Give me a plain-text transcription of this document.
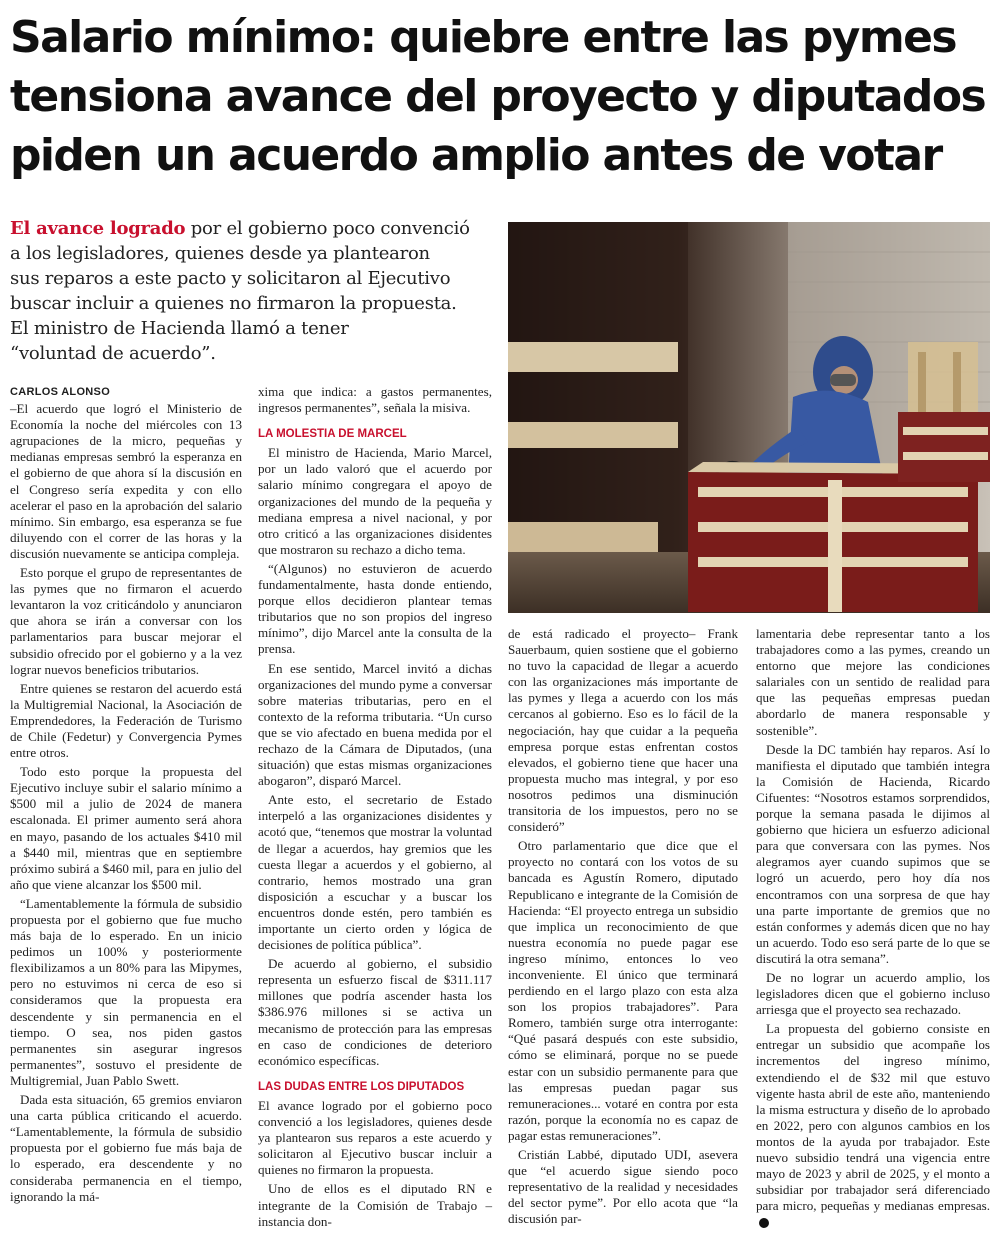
Salario mínimo: quiebre entre las pymes
tensiona avance del proyecto y diputados
piden un acuerdo amplio antes de votar
El avance logrado por el gobierno poco convenció
a los legisladores, quienes desde ya plantearon
sus reparos a este pacto y solicitaron al Ejecutivo
buscar incluir a quienes no firmaron la propuesta.
El ministro de Hacienda llamó a tener
“voluntad de acuerdo”.
CARLOS ALONSO

–El acuerdo que logró el Ministerio de Economía la noche del miércoles con 13 agrupaciones de la micro, pequeñas y medianas empresas sembró la esperanza en el gobierno de que ahora sí la discusión en el Congreso sería expedita y con ello acelerar el paso en la aprobación del salario mínimo. Sin embargo, esa esperanza se fue diluyendo con el correr de las horas y la discusión nuevamente se anticipa compleja.

Esto porque el grupo de representantes de las pymes que no firmaron el acuerdo levantaron la voz criticándolo y anunciaron que ahora se irán a conversar con los parlamentarios para buscar mejorar el subsidio ofrecido por el gobierno y a la vez lograr nuevos beneficios tributarios.

Entre quienes se restaron del acuerdo está la Multigremial Nacional, la Asociación de Emprendedores, la Federación de Turismo de Chile (Fedetur) y Convergencia Pymes entre otros.

Todo esto porque la propuesta del Ejecutivo incluye subir el salario mínimo a $500 mil a julio de 2024 de manera escalonada. El primer aumento será ahora en mayo, pasando de los actuales $410 mil a $440 mil, mientras que en septiembre próximo subirá a $460 mil, para en julio del año que viene alcanzar los $500 mil.

“Lamentablemente la fórmula de subsidio propuesta por el gobierno que fue mucho más baja de lo esperado. En un inicio pedimos un 100% y posteriormente flexibilizamos a un 80% para las Mipymes, pero no estuvimos ni cerca de eso si consideramos que la propuesta era descendente y sin permanencia en el tiempo. O sea, nos piden gastos permanentes sin asegurar ingresos permanentes”, sostuvo el presidente de Multigremial, Juan Pablo Swett.

Dada esta situación, 65 gremios enviaron una carta pública criticando el acuerdo. “Lamentablemente, la fórmula de subsidio propuesta por el gobierno fue más baja de lo esperado, era descendente y no consideraba permanencia en el tiempo, ignorando la má-

xima que indica: a gastos permanentes, ingresos permanentes”, señala la misiva.

LA MOLESTIA DE MARCEL

El ministro de Hacienda, Mario Marcel, por un lado valoró que el acuerdo por salario mínimo congregara el apoyo de organizaciones del mundo de la pequeña y mediana empresa a nivel nacional, y por otro criticó a las organizaciones disidentes que mostraron su rechazo a dicho tema.

“(Algunos) no estuvieron de acuerdo fundamentalmente, hasta donde entiendo, porque ellos decidieron plantear temas tributarios que no son propios del ingreso mínimo”, dijo Marcel ante la consulta de la prensa.

En ese sentido, Marcel invitó a dichas organizaciones del mundo pyme a conversar sobre materias tributarias, pero en el contexto de la reforma tributaria. “Un curso que se vio afectado en buena medida por el rechazo de la Cámara de Diputados, (una situación) que estas mismas organizaciones abogaron”, disparó Marcel.

Ante esto, el secretario de Estado interpeló a las organizaciones disidentes y acotó que, “tenemos que mostrar la voluntad de llegar a acuerdos, hay gremios que les cuesta llegar a acuerdos y el gobierno, al contrario, hemos mostrado una gran disposición a escuchar y a buscar los encuentros donde estén, pero también es importante un cierto orden y lógica de decisiones de política pública”.

De acuerdo al gobierno, el subsidio representa un esfuerzo fiscal de $311.117 millones que podría ascender hasta los $386.976 millones si se activa un mecanismo de protección para las empresas en caso de condiciones de deterioro económico específicas.

LAS DUDAS ENTRE LOS DIPUTADOS

El avance logrado por el gobierno poco convenció a los legisladores, quienes desde ya plantearon sus reparos a este acuerdo y solicitaron al Ejecutivo buscar incluir a quienes no firmaron la propuesta.

Uno de ellos es el diputado RN e integrante de la Comisión de Trabajo –instancia don-

de está radicado el proyecto– Frank Sauerbaum, quien sostiene que el gobierno no tuvo la capacidad de llegar a acuerdo con las organizaciones más importante de las pymes y llega a acuerdo con los más cercanos al gobierno. Eso es lo fácil de la negociación, hay que cuidar a la pequeña empresa porque estas enfrentan costos elevados, el gobierno tiene que hacer una propuesta mucho mas integral, y por eso nosotros pedimos una disminución transitoria de los impuestos, pero no se consideró”

Otro parlamentario que dice que el proyecto no contará con los votos de su bancada es Agustín Romero, diputado Republicano e integrante de la Comisión de Hacienda: “El proyecto entrega un subsidio que implica un reconocimiento de que nuestra economía no puede pagar ese ingreso mínimo, entonces lo veo inconveniente. El único que terminará perdiendo en el largo plazo con esta alza son los propios trabajadores”. Para Romero, también surge otra interrogante: “Qué pasará después con este subsidio, cómo se eliminará, porque no se puede estar con un subsidio permanente para que las empresas puedan pagar sus remuneraciones... votaré en contra por esta razón, porque la economía no es capaz de pagar estas remuneraciones”.

Cristián Labbé, diputado UDI, asevera que “el acuerdo sigue siendo poco representativo de la realidad y necesidades del sector pyme”. Por ello acota que “la discusión par-

lamentaria debe representar tanto a los trabajadores como a las pymes, creando un entorno que mejore las condiciones salariales con un sentido de realidad para que las pequeñas empresas puedan abordarlo de manera responsable y sostenible”.

Desde la DC también hay reparos. Así lo manifiesta el diputado que también integra la Comisión de Hacienda, Ricardo Cifuentes: “Nosotros estamos sorprendidos, porque la semana pasada le dijimos al gobierno que hiciera un esfuerzo adicional para que conversara con las pymes. Nos alegramos ayer cuando supimos que se logró un acuerdo, pero hoy día nos encontramos con una sorpresa de que hay una parte importante de gremios que no están conformes y además dicen que no hay un acuerdo. Todo eso será parte de lo que se discutirá la otra semana”.

De no lograr un acuerdo amplio, los legisladores dicen que el gobierno incluso arriesga que el proyecto sea rechazado.

La propuesta del gobierno consiste en entregar un subsidio que acompañe los incrementos del ingreso mínimo, extendiendo el de $32 mil que estuvo vigente hasta abril de este año, manteniendo la misma estructura y diseño de lo aprobado en 2022, pero con algunos cambios en los montos de la ayuda por trabajador. Este nuevo subsidio tendrá una vigencia entre mayo de 2023 y abril de 2025, y el monto a subsidiar por trabajador será diferenciado para micro, pequeñas y medianas empresas.
